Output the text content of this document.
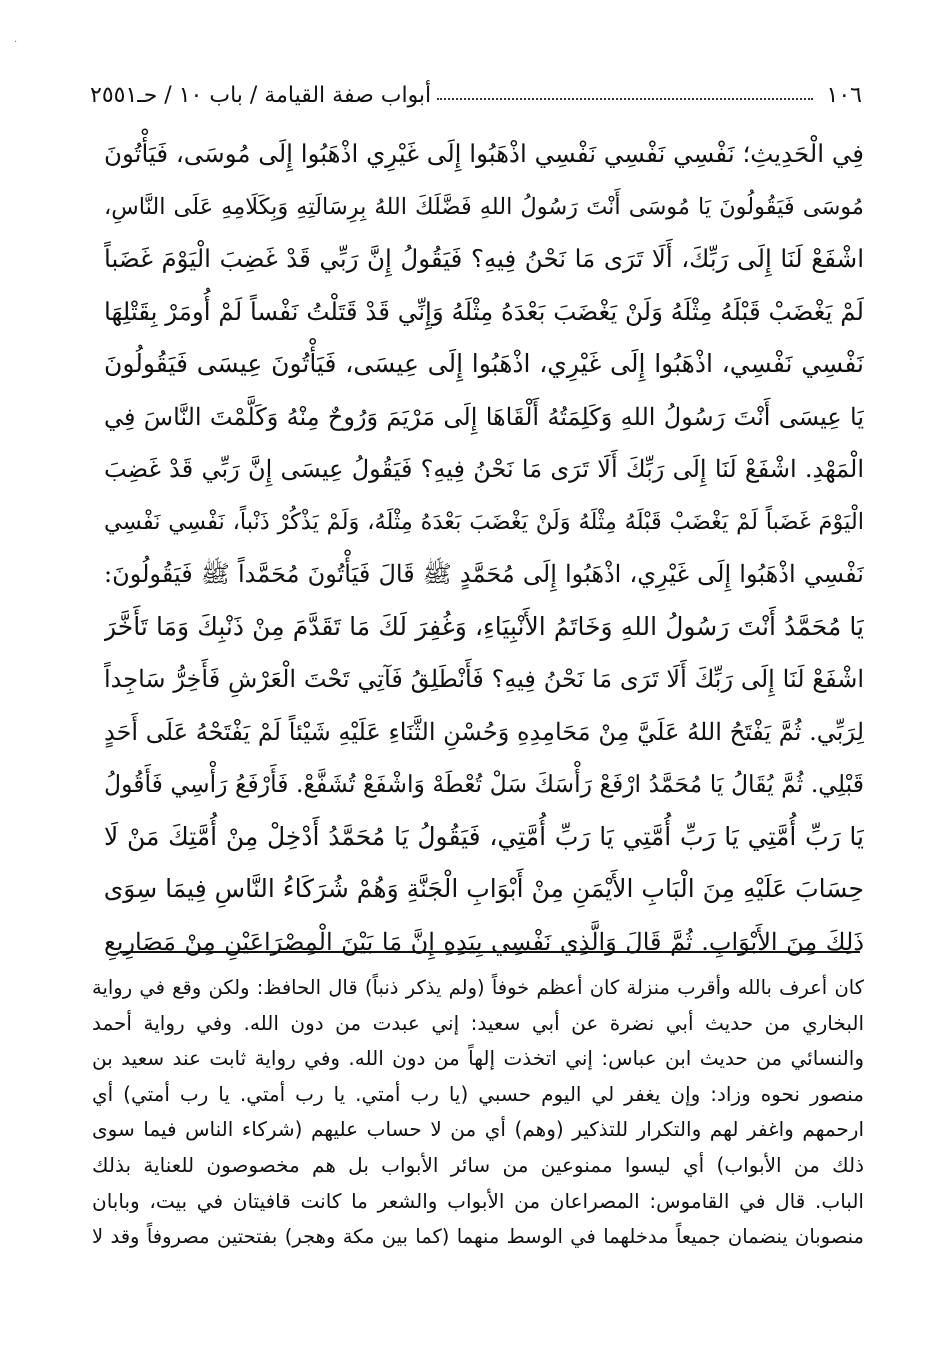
.
١٠٦
أبواب صفة القيامة / باب ١٠ / حـ٢٥٥١
فِي الْحَدِيثِ؛ نَفْسِي نَفْسِي نَفْسِي اذْهَبُوا إِلَى غَيْرِي اذْهَبُوا إِلَى مُوسَى، فَيَأْتُونَ
مُوسَى فَيَقُولُونَ يَا مُوسَى أَنْتَ رَسُولُ اللهِ فَضَّلَكَ اللهُ بِرِسَالَتِهِ وَبِكَلَامِهِ عَلَى النَّاسِ،
اشْفَعْ لَنَا إِلَى رَبِّكَ، أَلَا تَرَى مَا نَحْنُ فِيهِ؟ فَيَقُولُ إِنَّ رَبِّي قَدْ غَضِبَ الْيَوْمَ غَضَباً
لَمْ يَغْضَبْ قَبْلَهُ مِثْلَهُ وَلَنْ يَغْضَبَ بَعْدَهُ مِثْلَهُ وَإِنِّي قَدْ قَتَلْتُ نَفْساً لَمْ أُومَرْ بِقَتْلِهَا
نَفْسِي نَفْسِي، اذْهَبُوا إِلَى غَيْرِي، اذْهَبُوا إِلَى عِيسَى، فَيَأْتُونَ عِيسَى فَيَقُولُونَ
يَا عِيسَى أَنْتَ رَسُولُ اللهِ وَكَلِمَتُهُ أَلْقَاهَا إِلَى مَرْيَمَ وَرُوحٌ مِنْهُ وَكَلَّمْتَ النَّاسَ فِي
الْمَهْدِ. اشْفَعْ لَنَا إِلَى رَبِّكَ أَلَا تَرَى مَا نَحْنُ فِيهِ؟ فَيَقُولُ عِيسَى إِنَّ رَبِّي قَدْ غَضِبَ
الْيَوْمَ غَضَباً لَمْ يَغْضَبْ قَبْلَهُ مِثْلَهُ وَلَنْ يَغْضَبَ بَعْدَهُ مِثْلَهُ، وَلَمْ يَذْكُرْ ذَنْباً، نَفْسِي نَفْسِي
نَفْسِي اذْهَبُوا إِلَى غَيْرِي، اذْهَبُوا إِلَى مُحَمَّدٍ ﷺ قَالَ فَيَأْتُونَ مُحَمَّداً ﷺ فَيَقُولُونَ:
يَا مُحَمَّدُ أَنْتَ رَسُولُ اللهِ وَخَاتَمُ الأَنْبِيَاءِ، وَغُفِرَ لَكَ مَا تَقَدَّمَ مِنْ ذَنْبِكَ وَمَا تَأَخَّرَ
اشْفَعْ لَنَا إِلَى رَبِّكَ أَلَا تَرَى مَا نَحْنُ فِيهِ؟ فَأَنْطَلِقُ فَآتِي تَحْتَ الْعَرْشِ فَأَخِرُّ سَاجِداً
لِرَبِّي. ثُمَّ يَفْتَحُ اللهُ عَلَيَّ مِنْ مَحَامِدِهِ وَحُسْنِ الثَّنَاءِ عَلَيْهِ شَيْئاً لَمْ يَفْتَحْهُ عَلَى أَحَدٍ
قَبْلِي. ثُمَّ يُقَالُ يَا مُحَمَّدُ ارْفَعْ رَأْسَكَ سَلْ تُعْطَهْ وَاشْفَعْ تُشَفَّعْ. فَأَرْفَعُ رَأْسِي فَأَقُولُ
يَا رَبِّ أُمَّتِي يَا رَبِّ أُمَّتِي يَا رَبِّ أُمَّتِي، فَيَقُولُ يَا مُحَمَّدُ أَدْخِلْ مِنْ أُمَّتِكَ مَنْ لَا
حِسَابَ عَلَيْهِ مِنَ الْبَابِ الأَيْمَنِ مِنْ أَبْوَابِ الْجَنَّةِ وَهُمْ شُرَكَاءُ النَّاسِ فِيمَا سِوَى
ذَلِكَ مِنَ الأَبْوَابِ. ثُمَّ قَالَ وَالَّذِي نَفْسِي بِيَدِهِ إِنَّ مَا بَيْنَ الْمِصْرَاعَيْنِ مِنْ مَصَارِيعِ
كان أعرف بالله وأقرب منزلة كان أعظم خوفاً (ولم يذكر ذنباً) قال الحافظ: ولكن وقع في رواية
البخاري من حديث أبي نضرة عن أبي سعيد: إني عبدت من دون الله. وفي رواية أحمد
والنسائي من حديث ابن عباس: إني اتخذت إلهاً من دون الله. وفي رواية ثابت عند سعيد بن
منصور نحوه وزاد: وإن يغفر لي اليوم حسبي (يا رب أمتي. يا رب أمتي. يا رب أمتي) أي
ارحمهم واغفر لهم والتكرار للتذكير (وهم) أي من لا حساب عليهم (شركاء الناس فيما سوى
ذلك من الأبواب) أي ليسوا ممنوعين من سائر الأبواب بل هم مخصوصون للعناية بذلك
الباب. قال في القاموس: المصراعان من الأبواب والشعر ما كانت قافيتان في بيت، وبابان
منصوبان ينضمان جميعاً مدخلهما في الوسط منهما (كما بين مكة وهجر) بفتحتين مصروفاً وقد لا
